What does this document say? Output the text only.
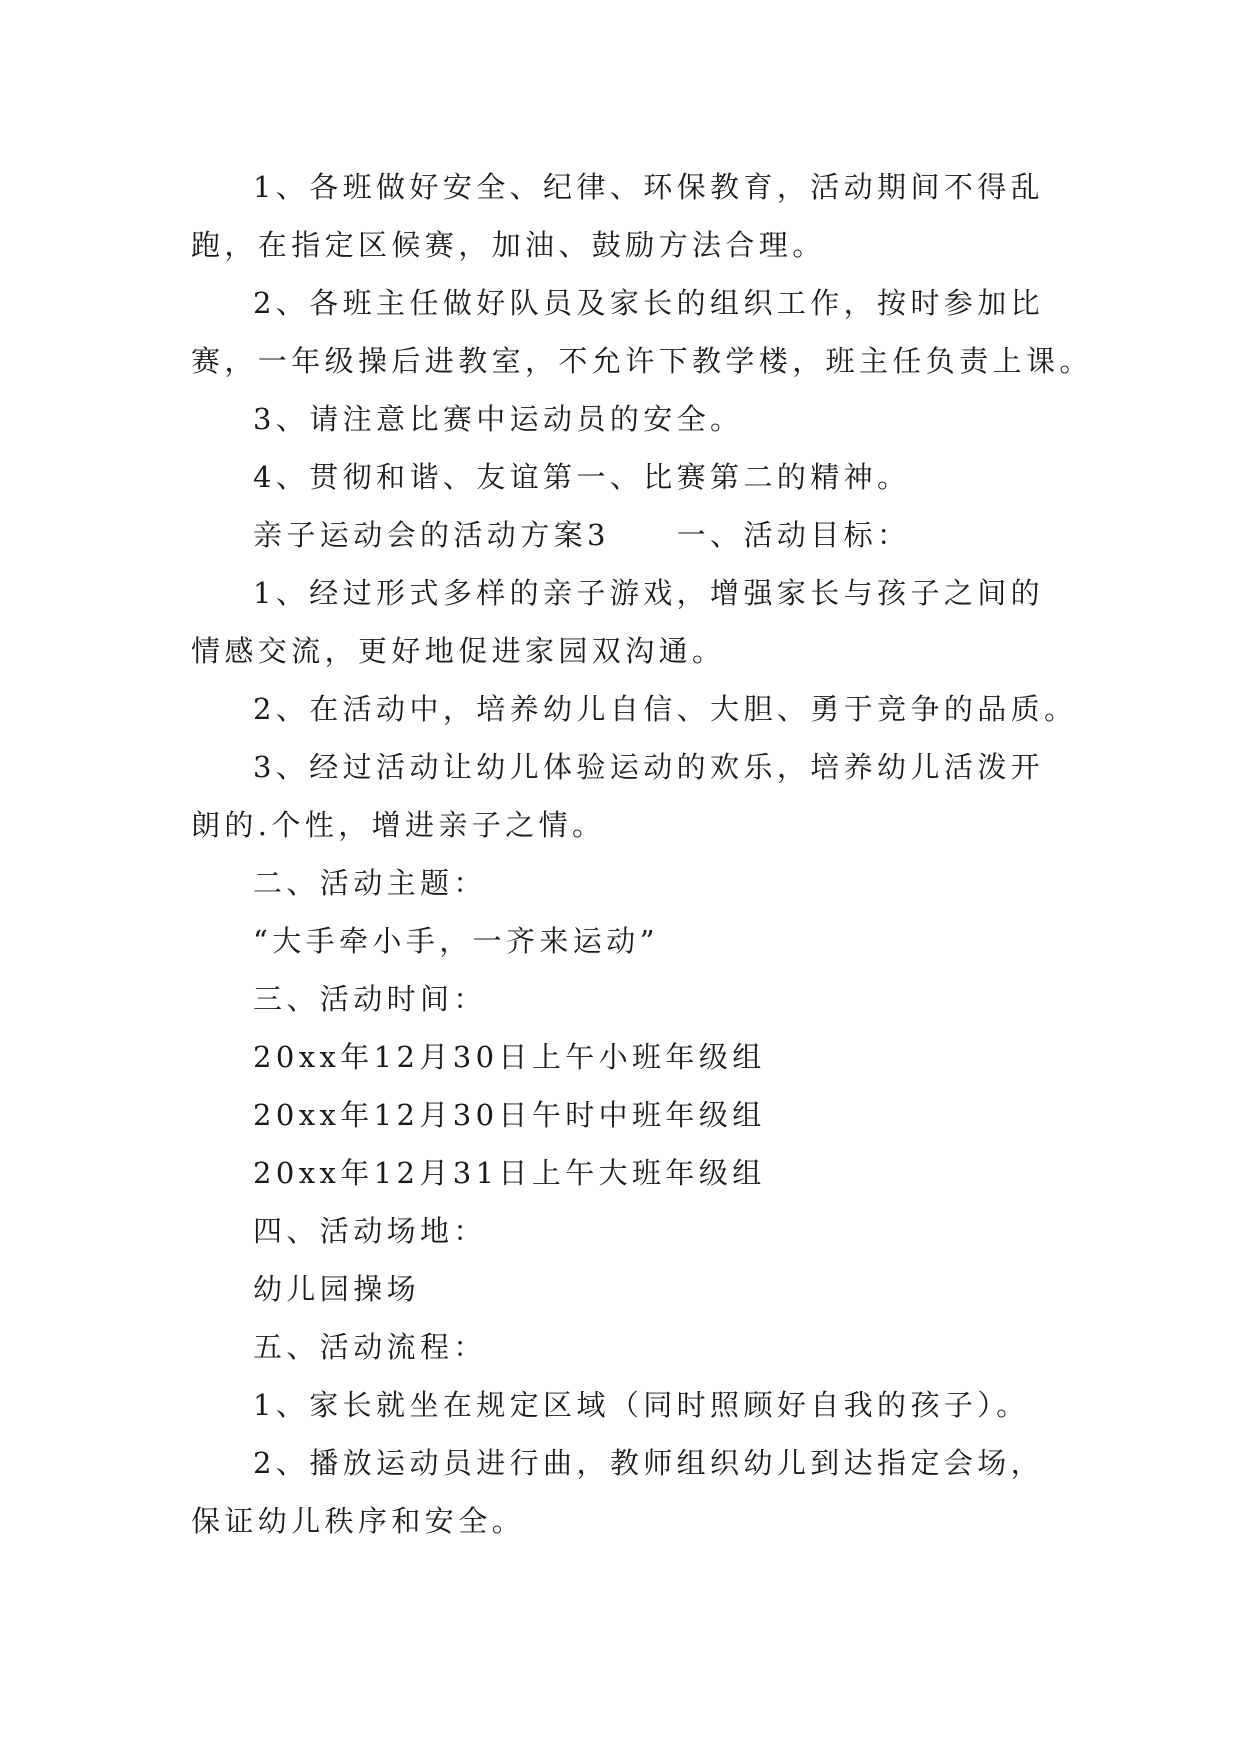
1、各班做好安全、纪律、环保教育，活动期间不得乱
跑，在指定区候赛，加油、鼓励方法合理。
2、各班主任做好队员及家长的组织工作，按时参加比
赛，一年级操后进教室，不允许下教学楼，班主任负责上课。
3、请注意比赛中运动员的安全。
4、贯彻和谐、友谊第一、比赛第二的精神。
亲子运动会的活动方案3　　一、活动目标：
1、经过形式多样的亲子游戏，增强家长与孩子之间的
情感交流，更好地促进家园双沟通。
2、在活动中，培养幼儿自信、大胆、勇于竞争的品质。
3、经过活动让幼儿体验运动的欢乐，培养幼儿活泼开
朗的.个性，增进亲子之情。
二、活动主题：
“大手牵小手，一齐来运动”
三、活动时间：
20xx年12月30日上午小班年级组
20xx年12月30日午时中班年级组
20xx年12月31日上午大班年级组
四、活动场地：
幼儿园操场
五、活动流程：
1、家长就坐在规定区域（同时照顾好自我的孩子）。
2、播放运动员进行曲，教师组织幼儿到达指定会场，
保证幼儿秩序和安全。
